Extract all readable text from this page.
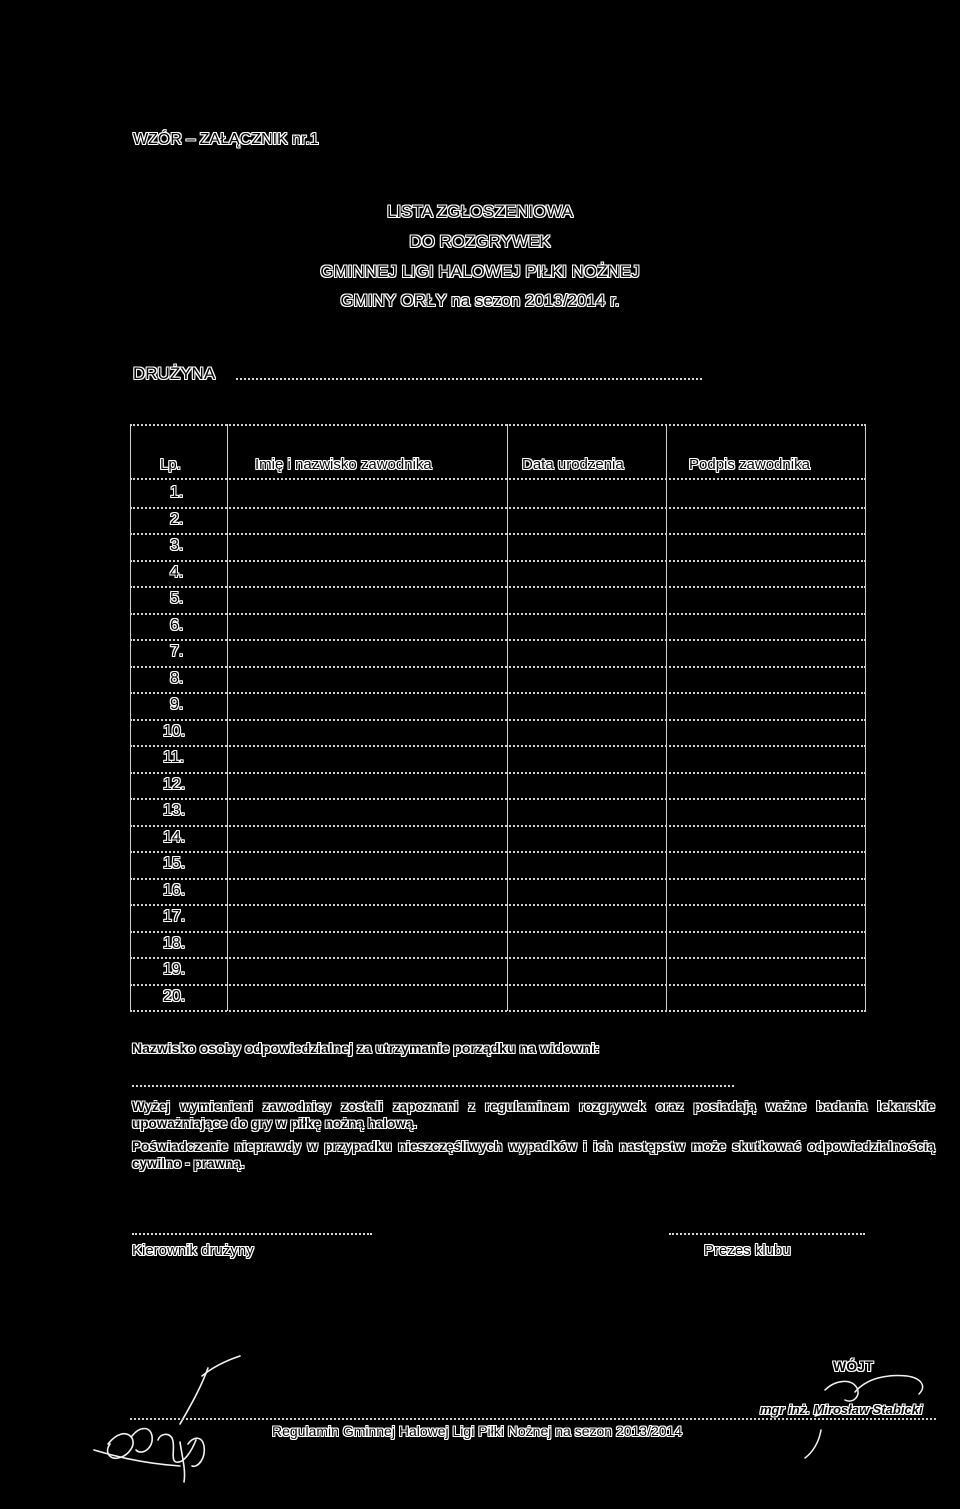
WZÓR – ZAŁĄCZNIK nr.1
LISTA ZGŁOSZENIOWA
DO ROZGRYWEK
GMINNEJ LIGI HALOWEJ PIŁKI NOŻNEJ
GMINY ORŁY na sezon 2013/2014 r.
DRUŻYNA
Lp.	Imię i nazwisko zawodnika	Data urodzenia	Podpis zawodnika
1.
2.
3.
4.
5.
6.
7.
8.
9.
10.
11.
12.
13.
14.
15.
16.
17.
18.
19.
20.
Nazwisko osoby odpowiedzialnej za utrzymanie porządku na widowni:
Wyżej wymienieni zawodnicy zostali zapoznani z regulaminem rozgrywek oraz posiadają ważne badania lekarskie upoważniające do gry w piłkę nożną halową.
Poświadczenie nieprawdy w przypadku nieszczęśliwych wypadków i ich następstw może skutkować odpowiedzialnością cywilno - prawną.
Kierownik drużyny	Prezes klubu
WÓJT
mgr inż. Mirosław Stabicki
Regulamin Gminnej Halowej Ligi Piłki Nożnej na sezon 2013/2014
